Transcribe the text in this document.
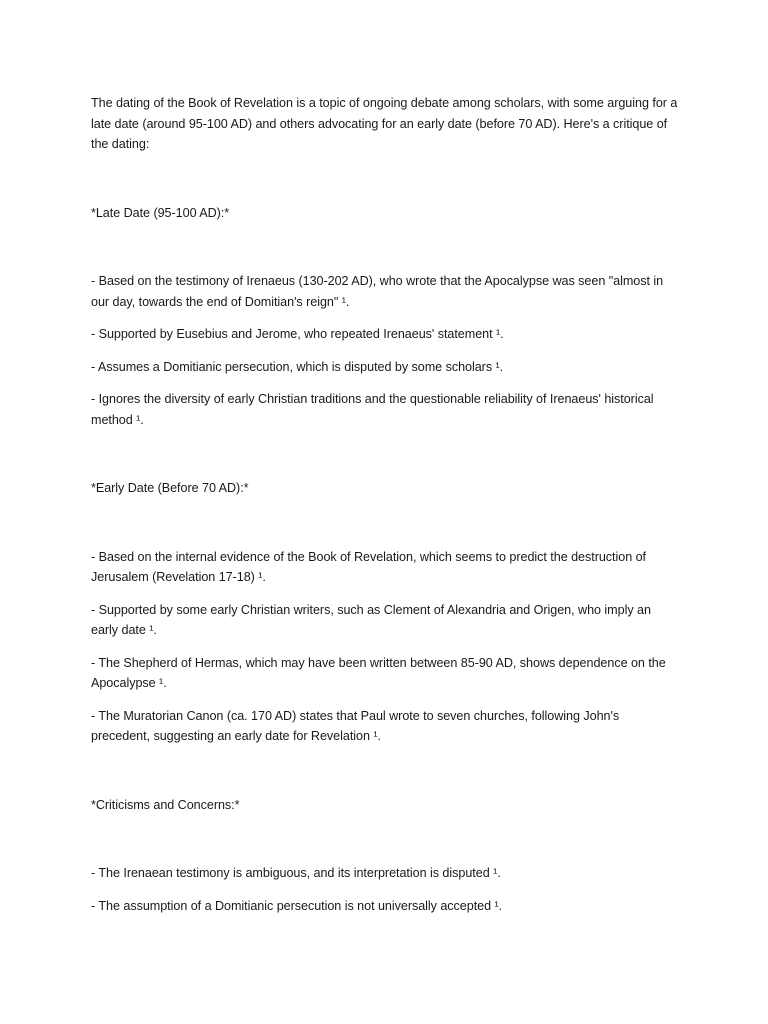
The dating of the Book of Revelation is a topic of ongoing debate among scholars, with some arguing for a late date (around 95-100 AD) and others advocating for an early date (before 70 AD). Here's a critique of the dating:

*Late Date (95-100 AD):*

- Based on the testimony of Irenaeus (130-202 AD), who wrote that the Apocalypse was seen "almost in our day, towards the end of Domitian's reign" ¹.

- Supported by Eusebius and Jerome, who repeated Irenaeus' statement ¹.

- Assumes a Domitianic persecution, which is disputed by some scholars ¹.

- Ignores the diversity of early Christian traditions and the questionable reliability of Irenaeus' historical method ¹.

*Early Date (Before 70 AD):*

- Based on the internal evidence of the Book of Revelation, which seems to predict the destruction of Jerusalem (Revelation 17-18) ¹.

- Supported by some early Christian writers, such as Clement of Alexandria and Origen, who imply an early date ¹.

- The Shepherd of Hermas, which may have been written between 85-90 AD, shows dependence on the Apocalypse ¹.

- The Muratorian Canon (ca. 170 AD) states that Paul wrote to seven churches, following John's precedent, suggesting an early date for Revelation ¹.

*Criticisms and Concerns:*

- The Irenaean testimony is ambiguous, and its interpretation is disputed ¹.

- The assumption of a Domitianic persecution is not universally accepted ¹.
